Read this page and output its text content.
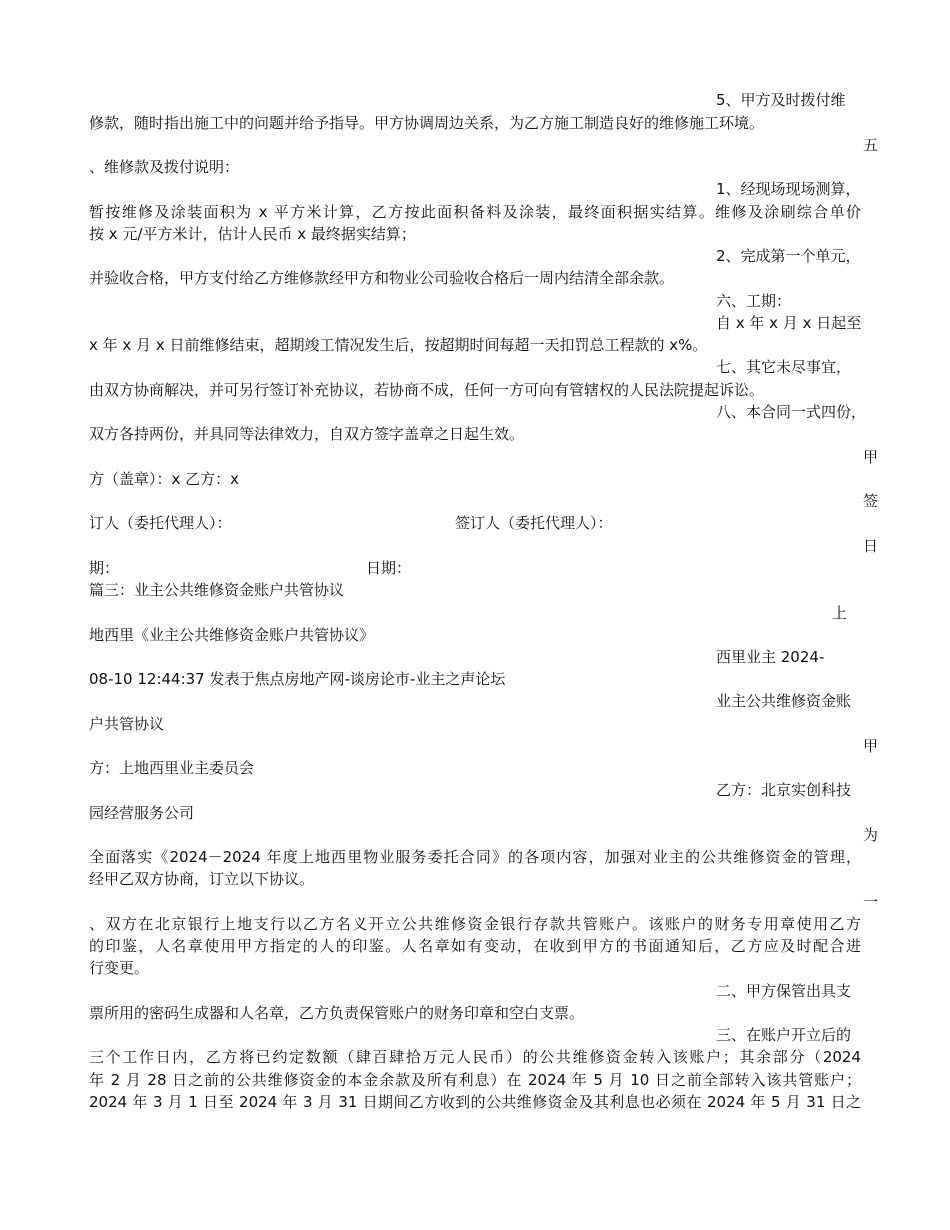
5、甲方及时拨付维
修款，随时指出施工中的问题并给予指导。甲方协调周边关系，为乙方施工制造良好的维修施工环境。
五
、维修款及拨付说明：
1、经现场现场测算，
暂按维修及涂装面积为 x 平方米计算，乙方按此面积备料及涂装，最终面积据实结算。维修及涂刷综合单价
按 x 元/平方米计，估计人民币 x 最终据实结算；
2、完成第一个单元，
并验收合格，甲方支付给乙方维修款经甲方和物业公司验收合格后一周内结清全部余款。
六、工期：
自 x 年 x 月 x 日起至
x 年 x 月 x 日前维修结束，超期竣工情况发生后，按超期时间每超一天扣罚总工程款的 x%。
七、其它未尽事宜，
由双方协商解决，并可另行签订补充协议，若协商不成，任何一方可向有管辖权的人民法院提起诉讼。
八、本合同一式四份，
双方各持两份，并具同等法律效力，自双方签字盖章之日起生效。
甲
方（盖章）：x 乙方：x
签
订人（委托代理人）：	签订人（委托代理人）：
日
期：	日期：
篇三：业主公共维修资金账户共管协议
上
地西里《业主公共维修资金账户共管协议》
西里业主 2024-
08-10 12:44:37 发表于焦点房地产网-谈房论市-业主之声论坛
业主公共维修资金账
户共管协议
甲
方：上地西里业主委员会
乙方：北京实创科技
园经营服务公司
为
全面落实《2024－2024 年度上地西里物业服务委托合同》的各项内容，加强对业主的公共维修资金的管理，
经甲乙双方协商，订立以下协议。
一
、双方在北京银行上地支行以乙方名义开立公共维修资金银行存款共管账户。该账户的财务专用章使用乙方
的印鉴，人名章使用甲方指定的人的印鉴。人名章如有变动，在收到甲方的书面通知后，乙方应及时配合进
行变更。
二、甲方保管出具支
票所用的密码生成器和人名章，乙方负责保管账户的财务印章和空白支票。
三、在账户开立后的
三个工作日内，乙方将已约定数额（肆百肆拾万元人民币）的公共维修资金转入该账户；其余部分（2024
年 2 月 28 日之前的公共维修资金的本金余款及所有利息）在 2024 年 5 月 10 日之前全部转入该共管账户；
2024 年 3 月 1 日至 2024 年 3 月 31 日期间乙方收到的公共维修资金及其利息也必须在 2024 年 5 月 31 日之
